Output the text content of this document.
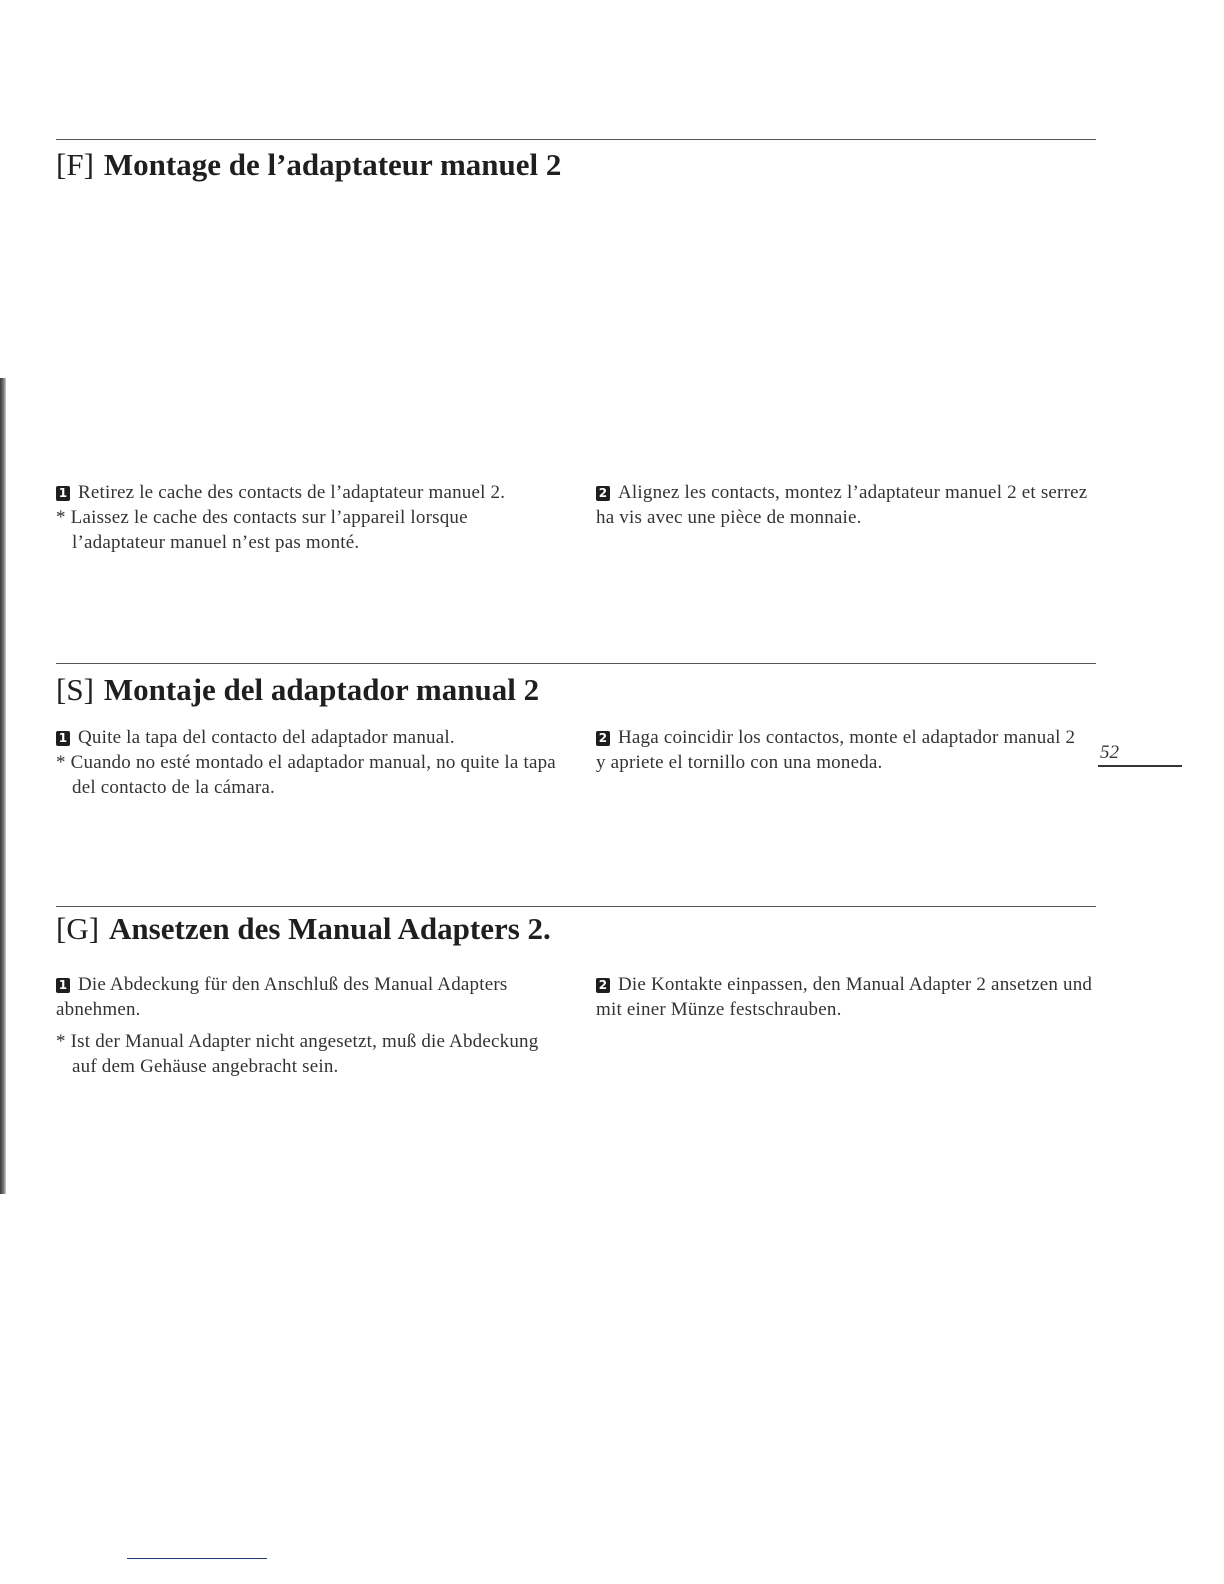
[F] Montage de l’adaptateur manuel 2

1 Retirez le cache des contacts de l’adaptateur manuel 2.

* Laissez le cache des contacts sur l’appareil lorsque l’adaptateur manuel n’est pas monté.

2 Alignez les contacts, montez l’adaptateur manuel 2 et serrez ha vis avec une pièce de monnaie.

[S] Montaje del adaptador manual 2

1 Quite la tapa del contacto del adaptador manual.

* Cuando no esté montado el adaptador manual, no quite la tapa del contacto de la cámara.

2 Haga coincidir los contactos, monte el adaptador manual 2 y apriete el tornillo con una moneda.

[G] Ansetzen des Manual Adapters 2.

1 Die Abdeckung für den Anschluß des Manual Adapters abnehmen.

* Ist der Manual Adapter nicht angesetzt, muß die Abdeckung auf dem Gehäuse angebracht sein.

2 Die Kontakte einpassen, den Manual Adapter 2 ansetzen und mit einer Münze festschrauben.

52
